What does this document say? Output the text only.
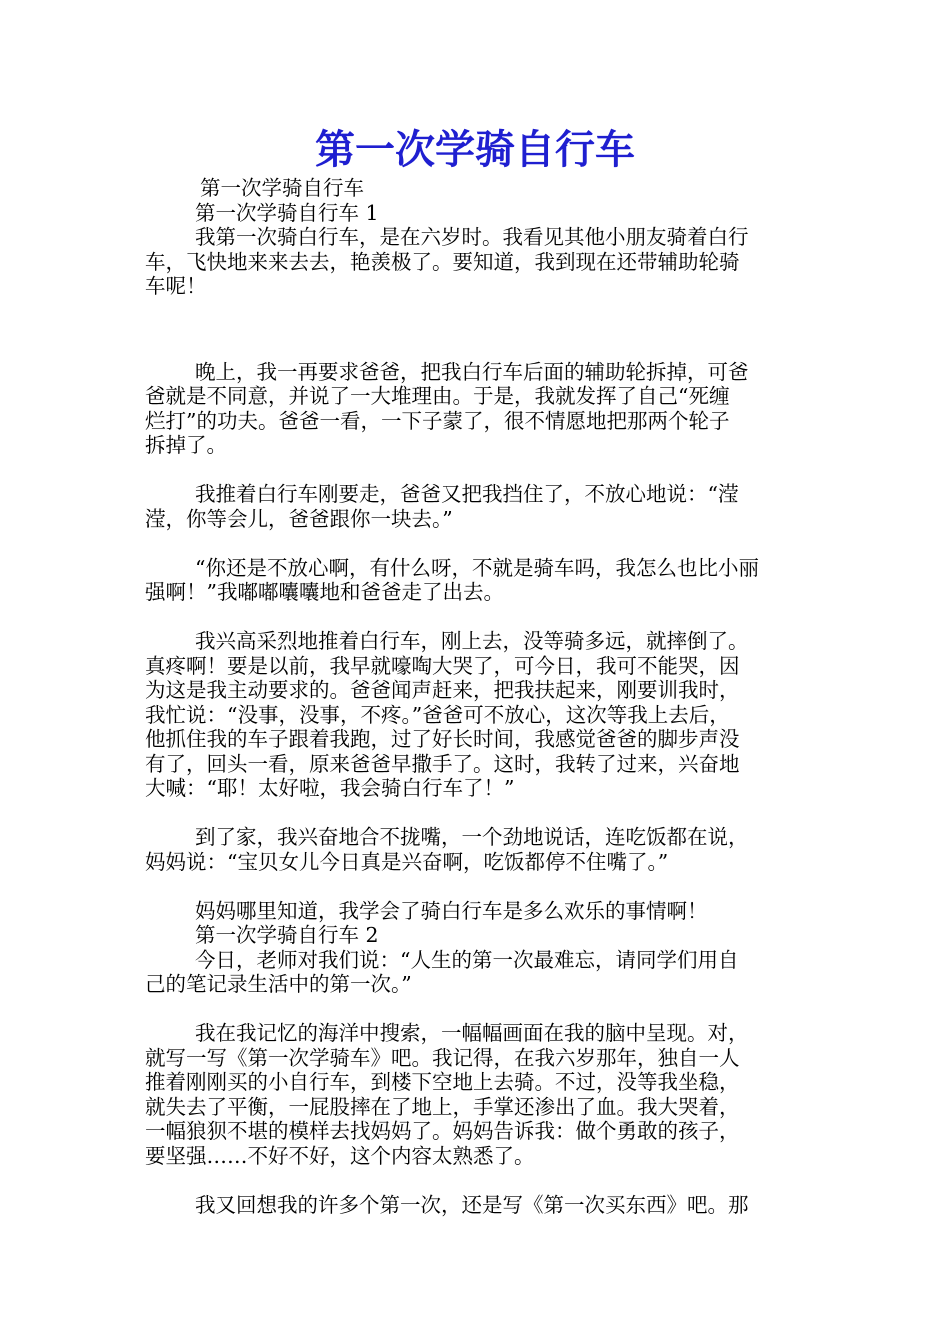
第一次学骑自行车
第一次学骑自行车
第一次学骑自行车 1
我第一次骑白行车，是在六岁时。我看见其他小朋友骑着白行
车，飞快地来来去去，艳羡极了。要知道，我到现在还带辅助轮骑
车呢！
晚上，我一再要求爸爸，把我白行车后面的辅助轮拆掉，可爸
爸就是不同意，并说了一大堆理由。于是，我就发挥了自己“死缠
烂打”的功夫。爸爸一看，一下子蒙了，很不情愿地把那两个轮子
拆掉了。
我推着白行车刚要走，爸爸又把我挡住了，不放心地说：“滢
滢，你等会儿，爸爸跟你一块去。”
“你还是不放心啊，有什么呀，不就是骑车吗，我怎么也比小丽
强啊！”我嘟嘟囔囔地和爸爸走了出去。
我兴高采烈地推着白行车，刚上去，没等骑多远，就摔倒了。
真疼啊！要是以前，我早就嚎啕大哭了，可今日，我可不能哭，因
为这是我主动要求的。爸爸闻声赶来，把我扶起来，刚要训我时，
我忙说：“没事，没事，不疼。”爸爸可不放心，这次等我上去后，
他抓住我的车子跟着我跑，过了好长时间，我感觉爸爸的脚步声没
有了，回头一看，原来爸爸早撒手了。这时，我转了过来，兴奋地
大喊：“耶！太好啦，我会骑白行车了！”
到了家，我兴奋地合不拢嘴，一个劲地说话，连吃饭都在说，
妈妈说：“宝贝女儿今日真是兴奋啊，吃饭都停不住嘴了。”
妈妈哪里知道，我学会了骑白行车是多么欢乐的事情啊！
第一次学骑自行车 2
今日，老师对我们说：“人生的第一次最难忘，请同学们用自
己的笔记录生活中的第一次。”
我在我记忆的海洋中搜索，一幅幅画面在我的脑中呈现。对，
就写一写《第一次学骑车》吧。我记得，在我六岁那年，独自一人
推着刚刚买的小自行车，到楼下空地上去骑。不过，没等我坐稳，
就失去了平衡，一屁股摔在了地上，手掌还渗出了血。我大哭着，
一幅狼狈不堪的模样去找妈妈了。妈妈告诉我：做个勇敢的孩子，
要坚强……不好不好，这个内容太熟悉了。
我又回想我的许多个第一次，还是写《第一次买东西》吧。那
